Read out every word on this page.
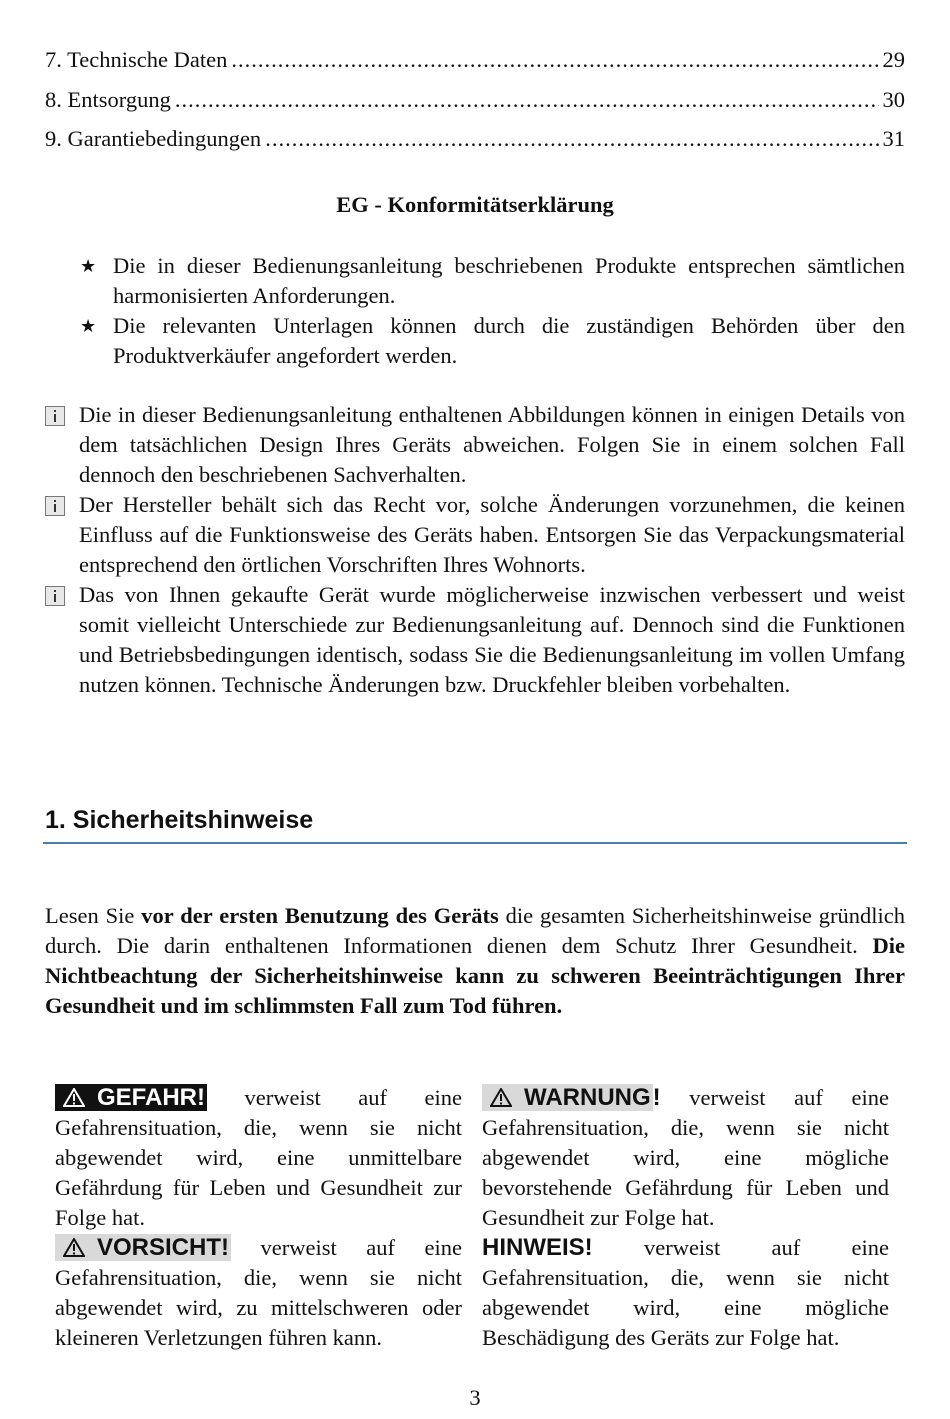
7. Technische Daten .....	29
8. Entsorgung .....	30
9. Garantiebedingungen .....	31
EG - Konformitätserklärung
★ Die in dieser Bedienungsanleitung beschriebenen Produkte entsprechen sämtlichen harmonisierten Anforderungen.
★ Die relevanten Unterlagen können durch die zuständigen Behörden über den Produktverkäufer angefordert werden.
Die in dieser Bedienungsanleitung enthaltenen Abbildungen können in einigen Details von dem tatsächlichen Design Ihres Geräts abweichen. Folgen Sie in einem solchen Fall dennoch den beschriebenen Sachverhalten.
Der Hersteller behält sich das Recht vor, solche Änderungen vorzunehmen, die keinen Einfluss auf die Funktionsweise des Geräts haben. Entsorgen Sie das Verpackungsmaterial entsprechend den örtlichen Vorschriften Ihres Wohnorts.
Das von Ihnen gekaufte Gerät wurde möglicherweise inzwischen verbessert und weist somit vielleicht Unterschiede zur Bedienungsanleitung auf. Dennoch sind die Funktionen und Betriebsbedingungen identisch, sodass Sie die Bedienungsanleitung im vollen Umfang nutzen können. Technische Änderungen bzw. Druckfehler bleiben vorbehalten.
1. Sicherheitshinweise
Lesen Sie vor der ersten Benutzung des Geräts die gesamten Sicherheitshinweise gründlich durch. Die darin enthaltenen Informationen dienen dem Schutz Ihrer Gesundheit. Die Nichtbeachtung der Sicherheitshinweise kann zu schweren Beeinträchtigungen Ihrer Gesundheit und im schlimmsten Fall zum Tod führen.
GEFAHR! verweist auf eine Gefahrensituation, die, wenn sie nicht abgewendet wird, eine unmittelbare Gefährdung für Leben und Gesundheit zur Folge hat.
VORSICHT! verweist auf eine Gefahrensituation, die, wenn sie nicht abgewendet wird, zu mittelschweren oder kleineren Verletzungen führen kann.
WARNUNG! verweist auf eine Gefahrensituation, die, wenn sie nicht abgewendet wird, eine mögliche bevorstehende Gefährdung für Leben und Gesundheit zur Folge hat.
HINWEIS! verweist auf eine Gefahrensituation, die, wenn sie nicht abgewendet wird, eine mögliche Beschädigung des Geräts zur Folge hat.
3
